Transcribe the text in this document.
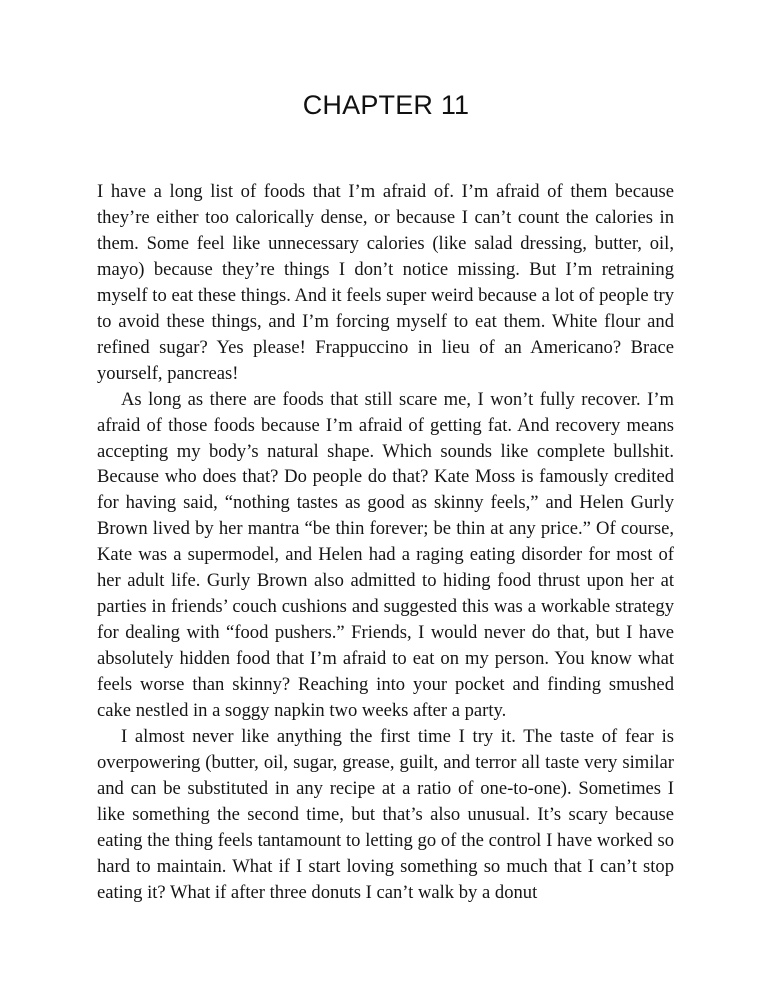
CHAPTER 11

I have a long list of foods that I’m afraid of. I’m afraid of them because they’re either too calorically dense, or because I can’t count the calories in them. Some feel like unnecessary calories (like salad dressing, butter, oil, mayo) because they’re things I don’t notice missing. But I’m retraining myself to eat these things. And it feels super weird because a lot of people try to avoid these things, and I’m forcing myself to eat them. White flour and refined sugar? Yes please! Frappuccino in lieu of an Americano? Brace yourself, pancreas!

As long as there are foods that still scare me, I won’t fully recover. I’m afraid of those foods because I’m afraid of getting fat. And recovery means accepting my body’s natural shape. Which sounds like complete bullshit. Because who does that? Do people do that? Kate Moss is famously credited for having said, “nothing tastes as good as skinny feels,” and Helen Gurly Brown lived by her mantra “be thin forever; be thin at any price.” Of course, Kate was a supermodel, and Helen had a raging eating disorder for most of her adult life. Gurly Brown also admitted to hiding food thrust upon her at parties in friends’ couch cushions and suggested this was a workable strategy for dealing with “food pushers.” Friends, I would never do that, but I have absolutely hidden food that I’m afraid to eat on my person. You know what feels worse than skinny? Reaching into your pocket and finding smushed cake nestled in a soggy napkin two weeks after a party.

I almost never like anything the first time I try it. The taste of fear is overpowering (butter, oil, sugar, grease, guilt, and terror all taste very similar and can be substituted in any recipe at a ratio of one-to-one). Sometimes I like something the second time, but that’s also unusual. It’s scary because eating the thing feels tantamount to letting go of the control I have worked so hard to maintain. What if I start loving something so much that I can’t stop eating it? What if after three donuts I can’t walk by a donut
